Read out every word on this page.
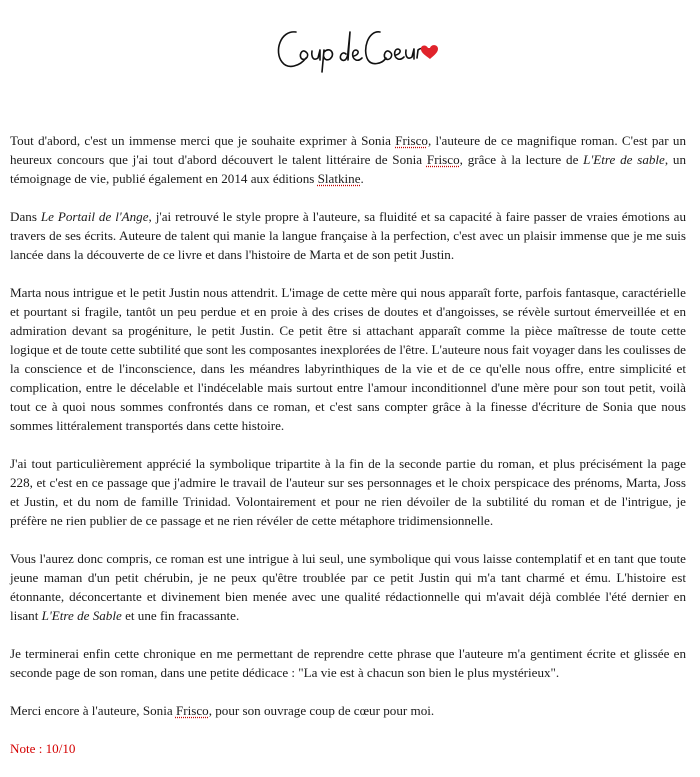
Tout d'abord, c'est un immense merci que je souhaite exprimer à Sonia Frisco, l'auteure de ce magnifique roman. C'est par un heureux concours que j'ai tout d'abord découvert le talent littéraire de Sonia Frisco, grâce à la lecture de L'Etre de sable, un témoignage de vie, publié également en 2014 aux éditions Slatkine.

Dans Le Portail de l'Ange, j'ai retrouvé le style propre à l'auteure, sa fluidité et sa capacité à faire passer de vraies émotions au travers de ses écrits. Auteure de talent qui manie la langue française à la perfection, c'est avec un plaisir immense que je me suis lancée dans la découverte de ce livre et dans l'histoire de Marta et de son petit Justin.

Marta nous intrigue et le petit Justin nous attendrit. L'image de cette mère qui nous apparaît forte, parfois fantasque, caractérielle et pourtant si fragile, tantôt un peu perdue et en proie à des crises de doutes et d'angoisses, se révèle surtout émerveillée et en admiration devant sa progéniture, le petit Justin. Ce petit être si attachant apparaît comme la pièce maîtresse de toute cette logique et de toute cette subtilité que sont les composantes inexplorées de l'être. L'auteure nous fait voyager dans les coulisses de la conscience et de l'inconscience, dans les méandres labyrinthiques de la vie et de ce qu'elle nous offre, entre simplicité et complication, entre le décelable et l'indécelable mais surtout entre l'amour inconditionnel d'une mère pour son tout petit, voilà tout ce à quoi nous sommes confrontés dans ce roman, et c'est sans compter grâce à la finesse d'écriture de Sonia que nous sommes littéralement transportés dans cette histoire.

J'ai tout particulièrement apprécié la symbolique tripartite à la fin de la seconde partie du roman, et plus précisément la page 228, et c'est en ce passage que j'admire le travail de l'auteur sur ses personnages et le choix perspicace des prénoms, Marta, Joss et Justin, et du nom de famille Trinidad. Volontairement et pour ne rien dévoiler de la subtilité du roman et de l'intrigue, je préfère ne rien publier de ce passage et ne rien révéler de cette métaphore tridimensionnelle.

Vous l'aurez donc compris, ce roman est une intrigue à lui seul, une symbolique qui vous laisse contemplatif et en tant que toute jeune maman d'un petit chérubin, je ne peux qu'être troublée par ce petit Justin qui m'a tant charmé et ému. L'histoire est étonnante, déconcertante et divinement bien menée avec une qualité rédactionnelle qui m'avait déjà comblée l'été dernier en lisant L'Etre de Sable et une fin fracassante.

Je terminerai enfin cette chronique en me permettant de reprendre cette phrase que l'auteure m'a gentiment écrite et glissée en seconde page de son roman, dans une petite dédicace : "La vie est à chacun son bien le plus mystérieux".

Merci encore à l'auteure, Sonia Frisco, pour son ouvrage coup de cœur pour moi.

Note : 10/10
